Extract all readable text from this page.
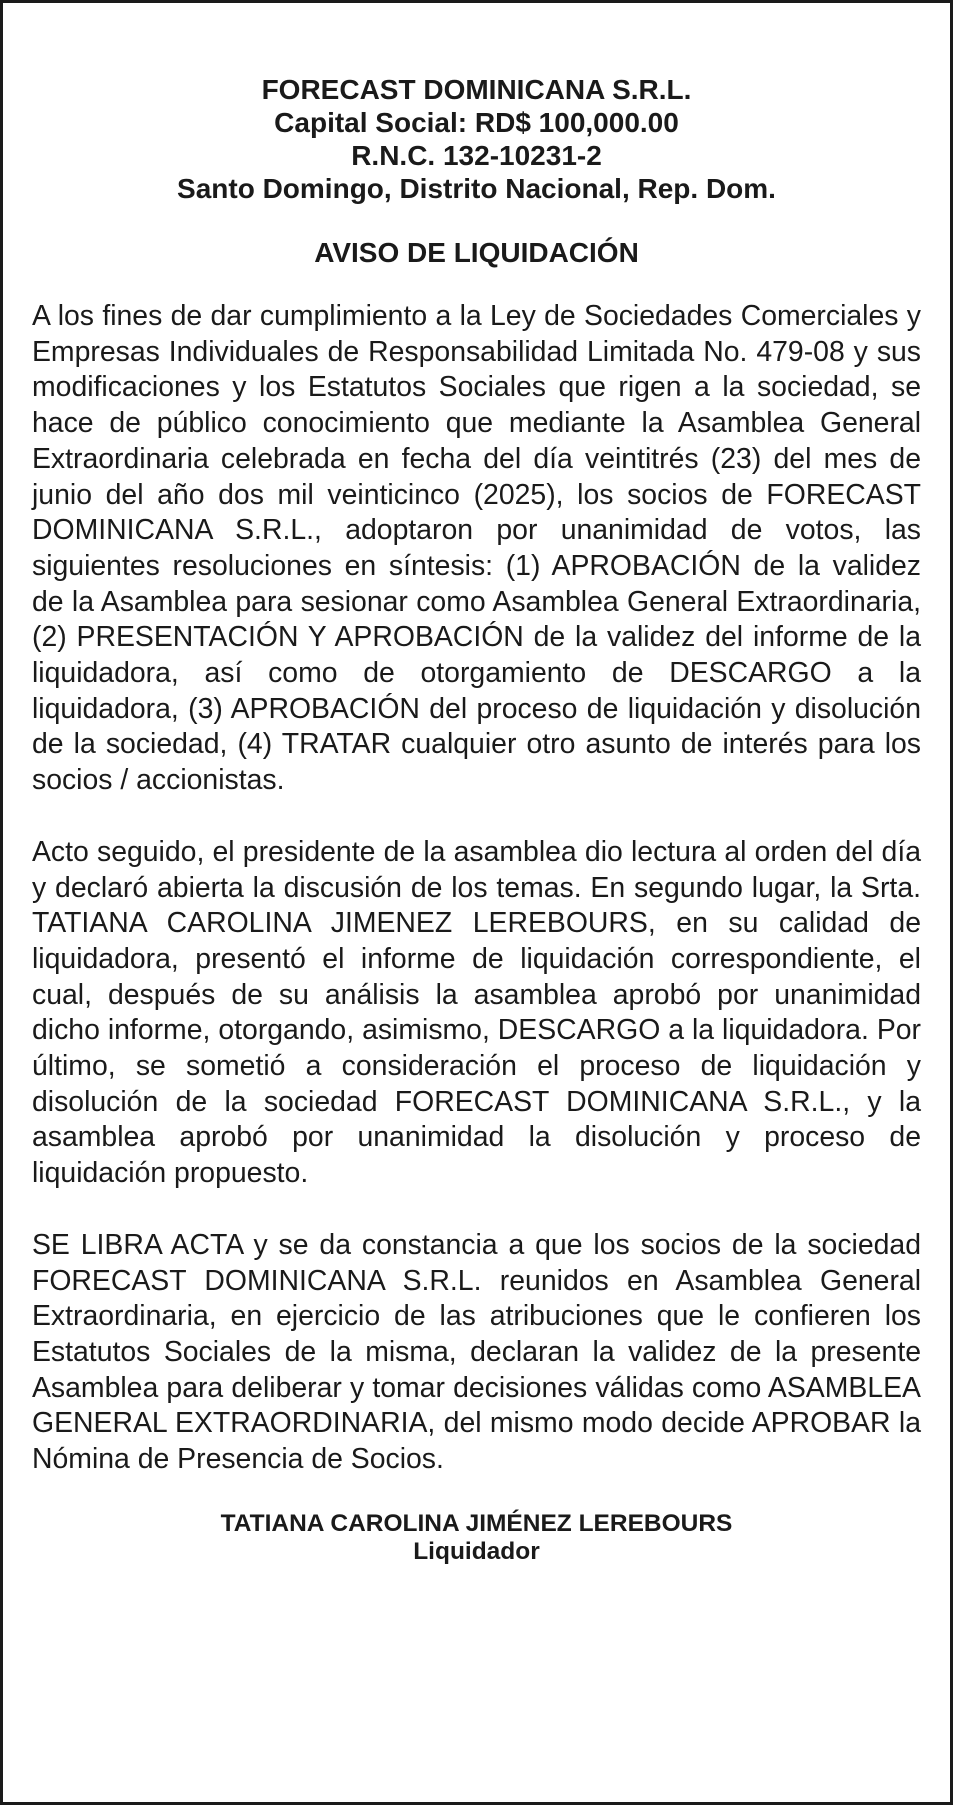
FORECAST DOMINICANA S.R.L.
Capital Social: RD$ 100,000.00
R.N.C. 132-10231-2
Santo Domingo, Distrito Nacional, Rep. Dom.
AVISO DE LIQUIDACIÓN

A los fines de dar cumplimiento a la Ley de Sociedades Comerciales y Empresas Individuales de Responsabilidad Limitada No. 479-08 y sus modificaciones y los Estatutos Sociales que rigen a la sociedad, se hace de público conocimiento que mediante la Asamblea General Extraordinaria celebrada en fecha del día veintitrés (23) del mes de junio del año dos mil veinticinco (2025), los socios de FORECAST DOMINICANA S.R.L., adoptaron por unanimidad de votos, las siguientes resoluciones en síntesis: (1) APROBACIÓN de la validez de la Asamblea para sesionar como Asamblea General Extraordinaria, (2) PRESENTACIÓN Y APROBACIÓN de la validez del informe de la liquidadora, así como de otorgamiento de DESCARGO a la liquidadora, (3) APROBACIÓN del proceso de liquidación y disolución de la sociedad, (4) TRATAR cualquier otro asunto de interés para los socios / accionistas.

Acto seguido, el presidente de la asamblea dio lectura al orden del día y declaró abierta la discusión de los temas. En segundo lugar, la Srta. TATIANA CAROLINA JIMENEZ LEREBOURS, en su calidad de liquidadora, presentó el informe de liquidación correspondiente, el cual, después de su análisis la asamblea aprobó por unanimidad dicho informe, otorgando, asimismo, DESCARGO a la liquidadora. Por último, se sometió a consideración el proceso de liquidación y disolución de la sociedad FORECAST DOMINICANA S.R.L., y la asamblea aprobó por unanimidad la disolución y proceso de liquidación propuesto.

SE LIBRA ACTA y se da constancia a que los socios de la sociedad FORECAST DOMINICANA S.R.L. reunidos en Asamblea General Extraordinaria, en ejercicio de las atribuciones que le confieren los Estatutos Sociales de la misma, declaran la validez de la presente Asamblea para deliberar y tomar decisiones válidas como ASAMBLEA GENERAL EXTRAORDINARIA, del mismo modo decide APROBAR la Nómina de Presencia de Socios.

TATIANA CAROLINA JIMÉNEZ LEREBOURS
Liquidador
